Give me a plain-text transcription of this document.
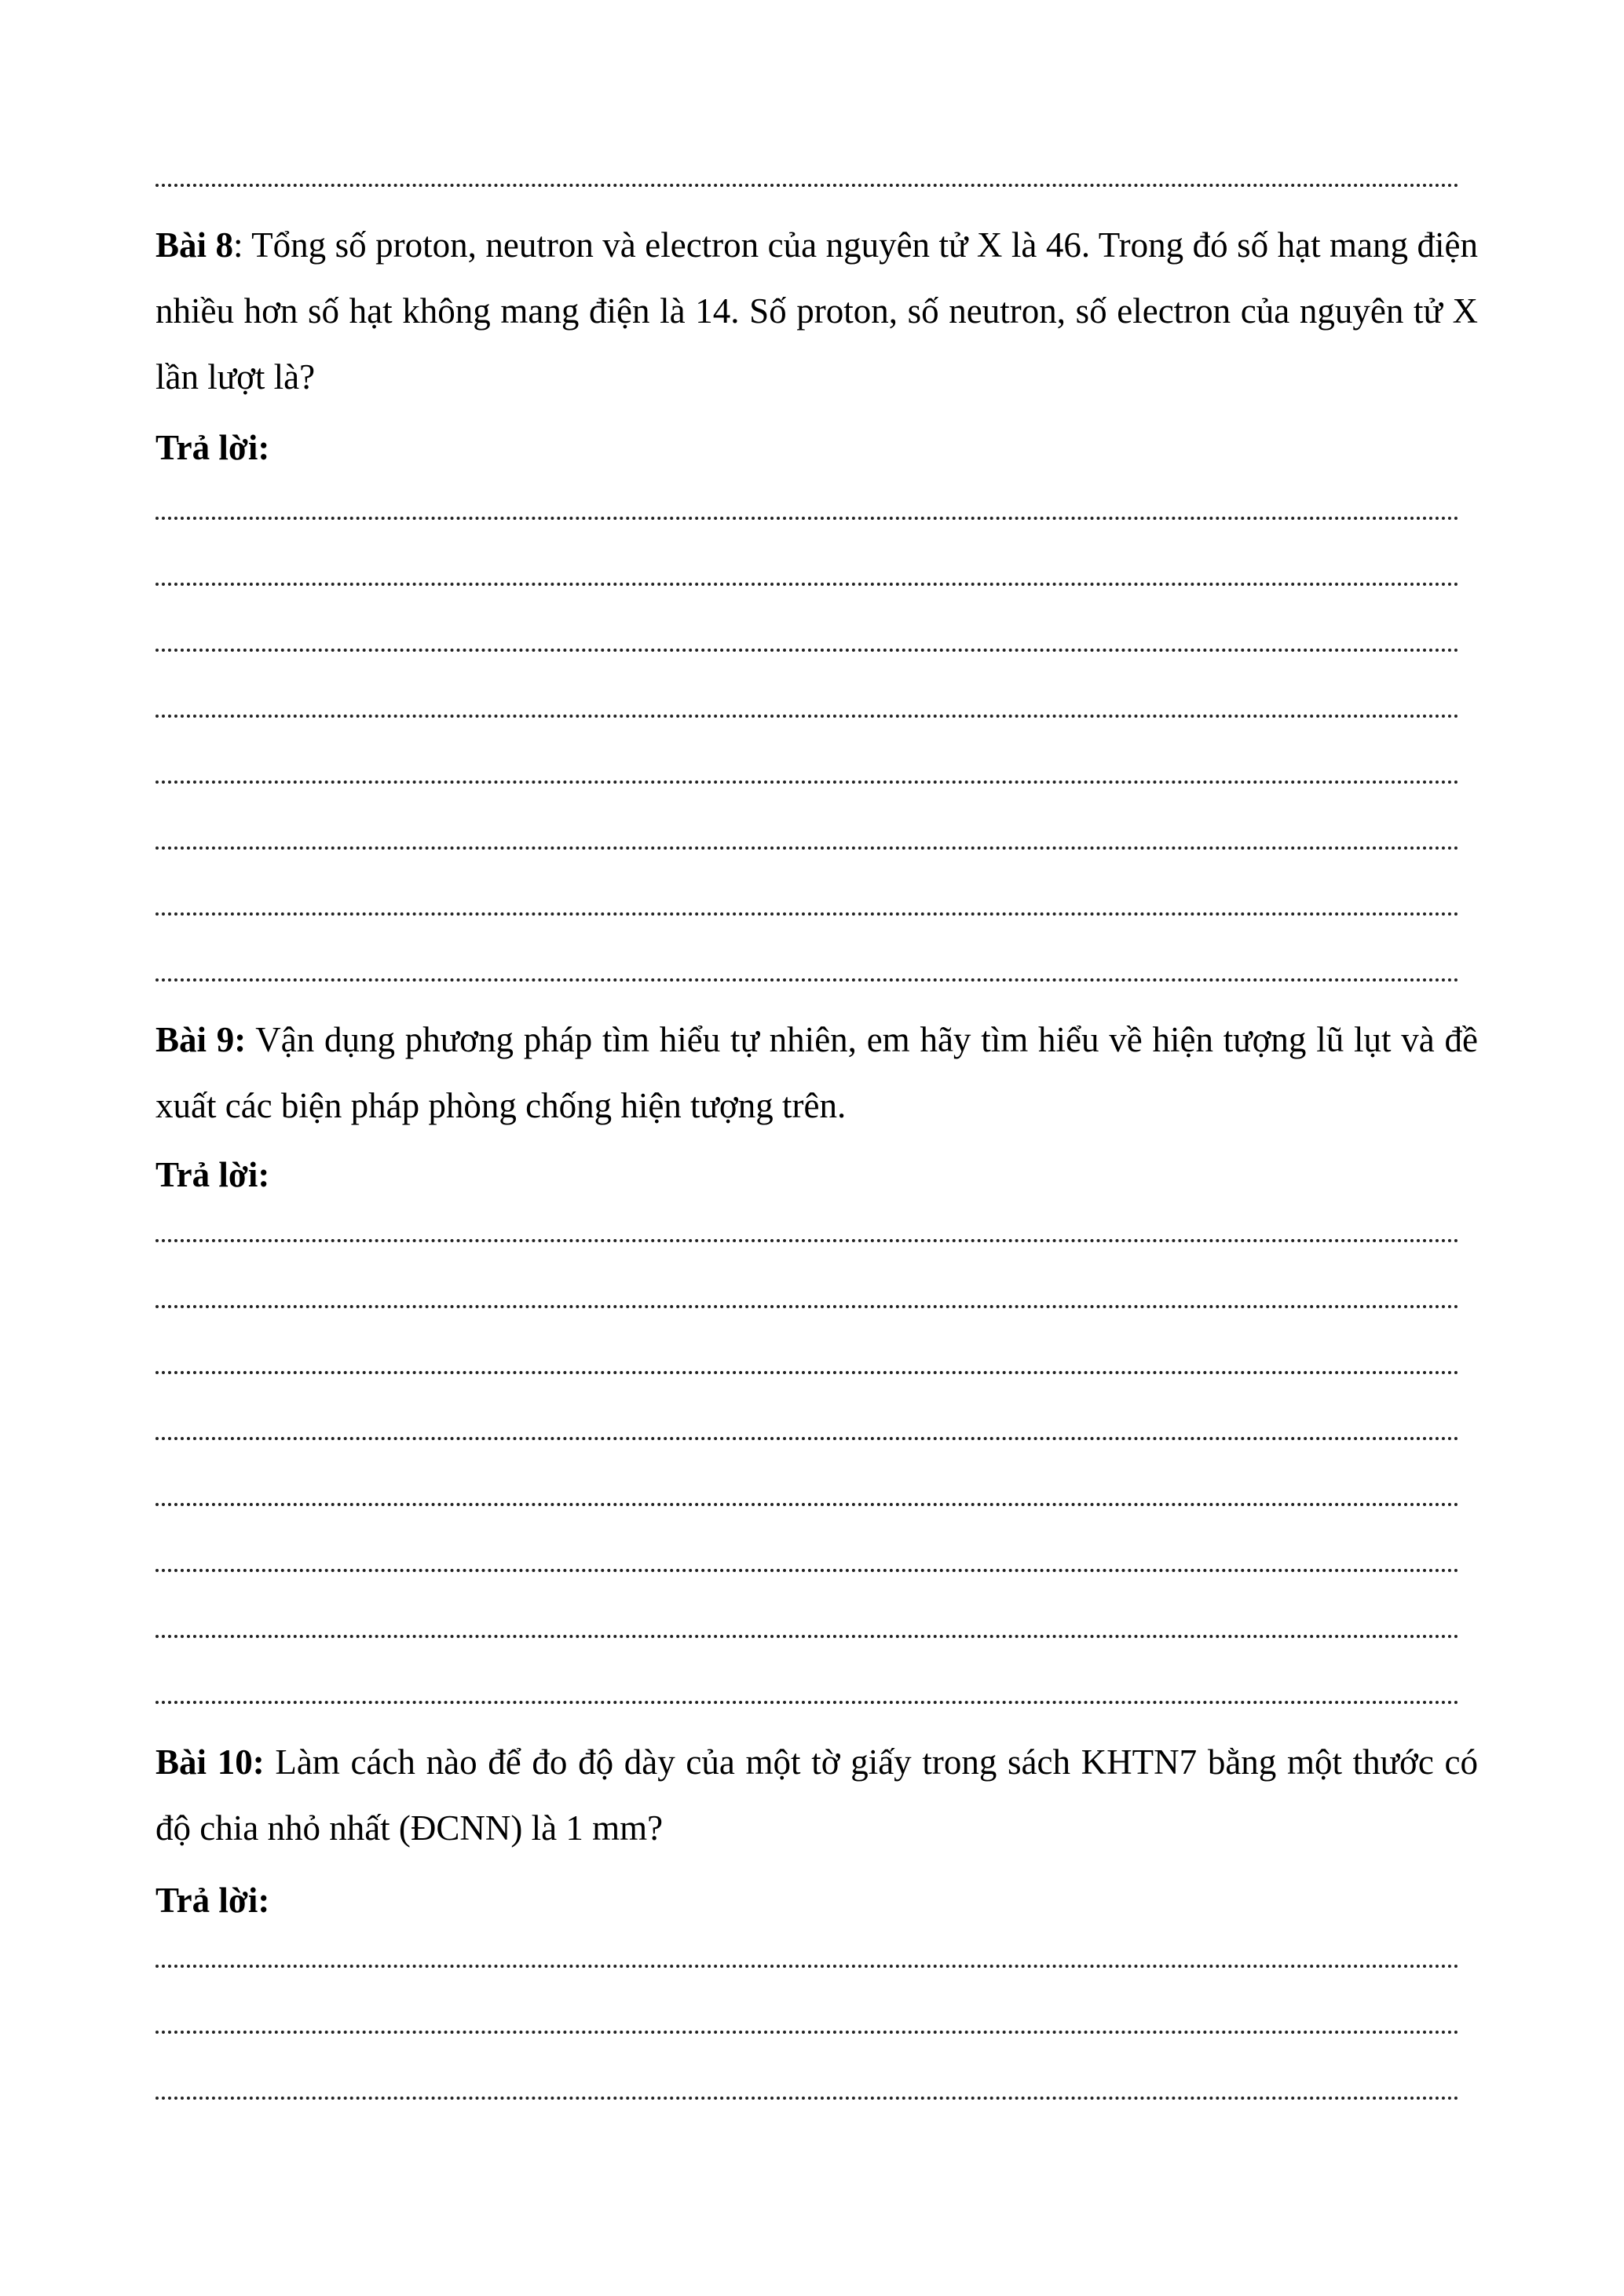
Bài 8: Tổng số proton, neutron và electron của nguyên tử X là 46. Trong đó số hạt mang điện nhiều hơn số hạt không mang điện là 14. Số proton, số neutron, số electron của nguyên tử X lần lượt là?
Trả lời:
Bài 9: Vận dụng phương pháp tìm hiểu tự nhiên, em hãy tìm hiểu về hiện tượng lũ lụt và đề xuất các biện pháp phòng chống hiện tượng trên.
Trả lời:
Bài 10: Làm cách nào để đo độ dày của một tờ giấy trong sách KHTN7 bằng một thước có độ chia nhỏ nhất (ĐCNN) là 1 mm?
Trả lời:
